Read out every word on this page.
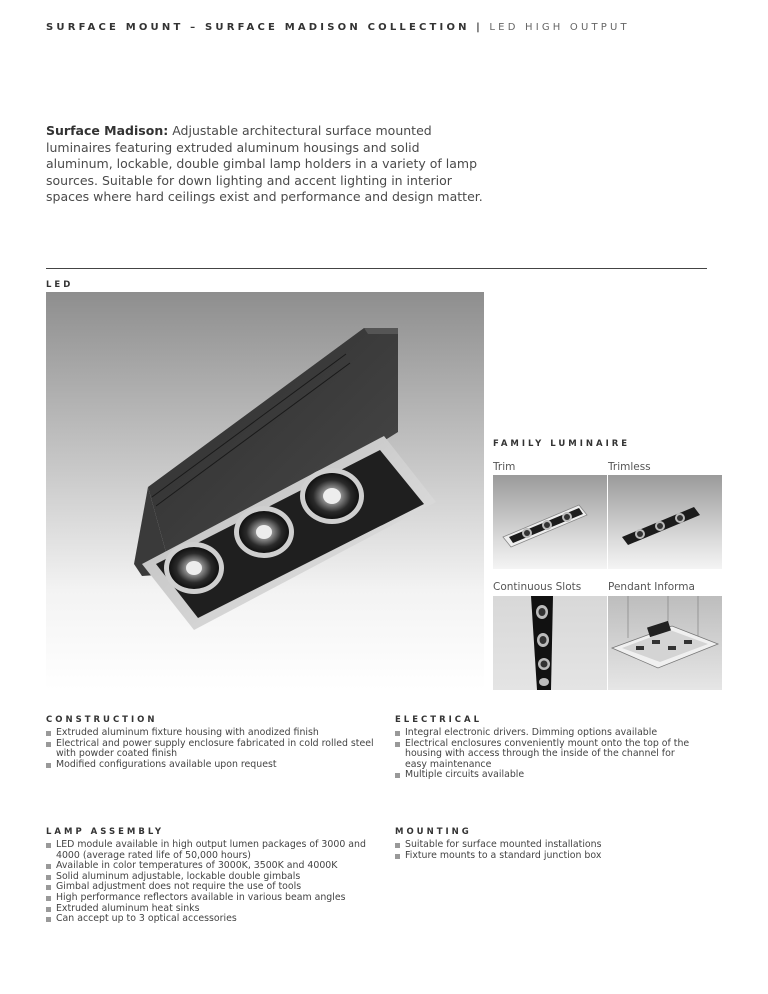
SURFACE MOUNT – SURFACE MADISON COLLECTION | LED HIGH OUTPUT
Surface Madison: Adjustable architectural surface mounted luminaires featuring extruded aluminum housings and solid aluminum, lockable, double gimbal lamp holders in a variety of lamp sources. Suitable for down lighting and accent lighting in interior spaces where hard ceilings exist and performance and design matter.
LED
FAMILY LUMINAIRE
Trim	Trimless
Continuous Slots	Pendant Informa
CONSTRUCTION
Extruded aluminum fixture housing with anodized finish
Electrical and power supply enclosure fabricated in cold rolled steel with powder coated finish
Modified configurations available upon request
ELECTRICAL
Integral electronic drivers. Dimming options available
Electrical enclosures conveniently mount onto the top of the housing with access through the inside of the channel for easy maintenance
Multiple circuits available
LAMP ASSEMBLY
LED module available in high output lumen packages of 3000 and 4000 (average rated life of 50,000 hours)
Available in color temperatures of 3000K, 3500K and 4000K
Solid aluminum adjustable, lockable double gimbals
Gimbal adjustment does not require the use of tools
High performance reflectors available in various beam angles
Extruded aluminum heat sinks
Can accept up to 3 optical accessories
MOUNTING
Suitable for surface mounted installations
Fixture mounts to a standard junction box
